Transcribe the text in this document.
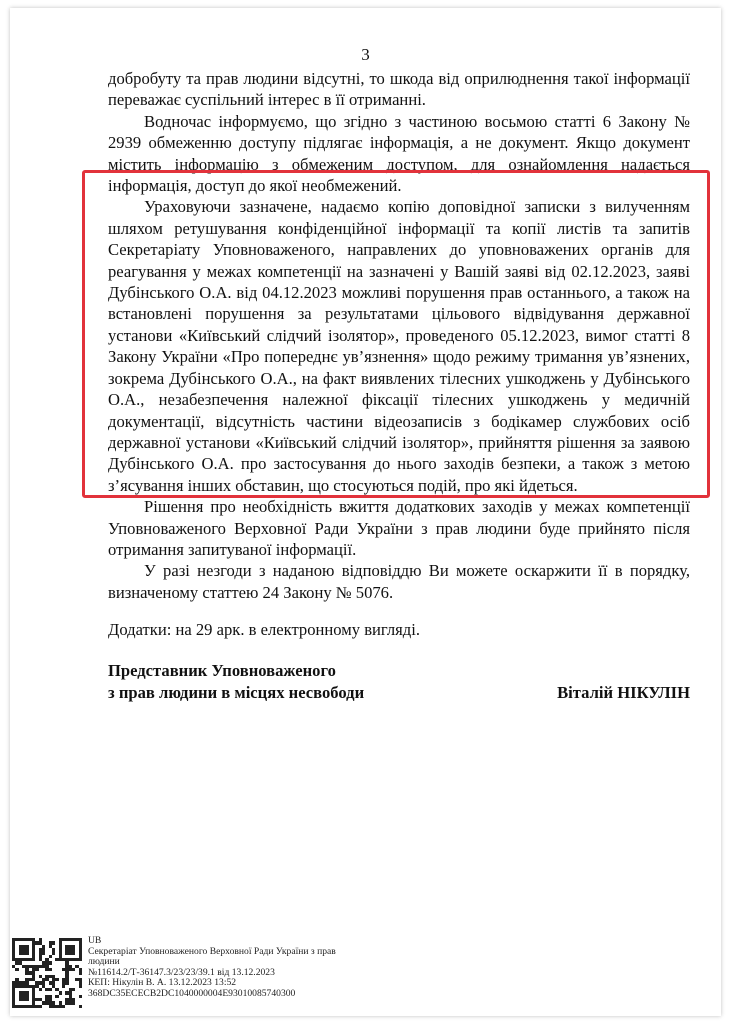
3

добробуту та прав людини відсутні, то шкода від оприлюднення такої інформації переважає суспільний інтерес в її отриманні.

Водночас інформуємо, що згідно з частиною восьмою статті 6 Закону № 2939 обмеженню доступу підлягає інформація, а не документ. Якщо документ містить інформацію з обмеженим доступом, для ознайомлення надається інформація, доступ до якої необмежений.

Ураховуючи зазначене, надаємо копію доповідної записки з вилученням шляхом ретушування конфіденційної інформації та копії листів та запитів Секретаріату Уповноваженого, направлених до уповноважених органів для реагування у межах компетенції на зазначені у Вашій заяві від 02.12.2023, заяві Дубінського О.А. від 04.12.2023 можливі порушення прав останнього, а також на встановлені порушення за результатами цільового відвідування державної установи «Київський слідчий ізолятор», проведеного 05.12.2023, вимог статті 8 Закону України «Про попереднє ув’язнення» щодо режиму тримання ув’язнених, зокрема Дубінського О.А., на факт виявлених тілесних ушкоджень у Дубінського О.А., незабезпечення належної фіксації тілесних ушкоджень у медичній документації, відсутність частини відеозаписів з бодікамер службових осіб державної установи «Київський слідчий ізолятор», прийняття рішення за заявою Дубінського О.А. про застосування до нього заходів безпеки, а також з метою з’ясування інших обставин, що стосуються подій, про які йдеться.

Рішення про необхідність вжиття додаткових заходів у межах компетенції Уповноваженого Верховної Ради України з прав людини буде прийнято після отримання запитуваної інформації.

У разі незгоди з наданою відповіддю Ви можете оскаржити її в порядку, визначеному статтею 24 Закону № 5076.

Додатки: на 29 арк. в електронному вигляді.

Представник Уповноваженого
з прав людини в місцях несвободи	Віталій НІКУЛІН
UB
Секретаріат Уповноваженого Верховної Ради України з прав людини
№11614.2/Т-36147.3/23/23/39.1 від 13.12.2023
КЕП: Нікулін В. А. 13.12.2023 13:52
368DC35ECECB2DC1040000004E9301008574030​0
